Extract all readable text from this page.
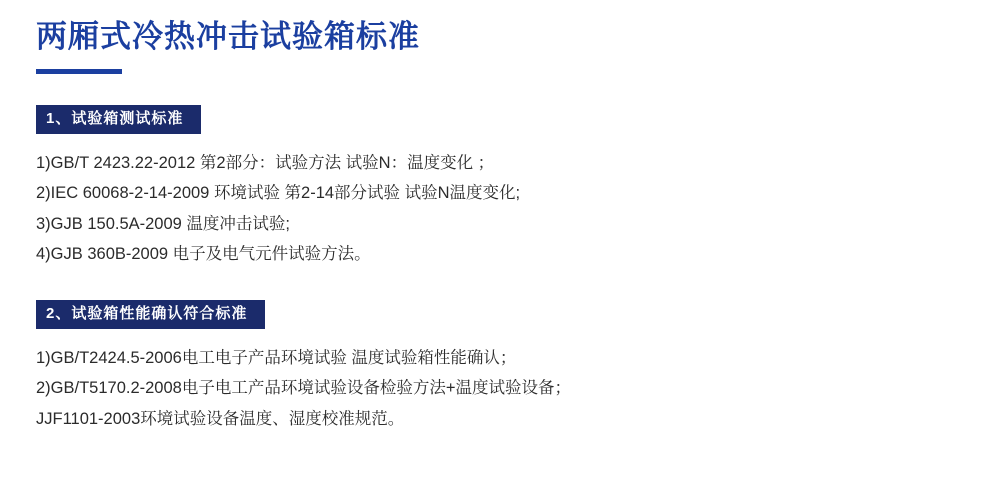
两厢式冷热冲击试验箱标准
1、试验箱测试标准
1)GB/T 2423.22-2012 第2部分：试验方法 试验N：温度变化 ；
2)IEC 60068-2-14-2009 环境试验 第2-14部分试验 试验N温度变化;
3)GJB 150.5A-2009 温度冲击试验;
4)GJB 360B-2009 电子及电气元件试验方法。
2、试验箱性能确认符合标准
1)GB/T2424.5-2006电工电子产品环境试验 温度试验箱性能确认；
2)GB/T5170.2-2008电子电工产品环境试验设备检验方法+温度试验设备；
JJF1101-2003环境试验设备温度、湿度校准规范。
